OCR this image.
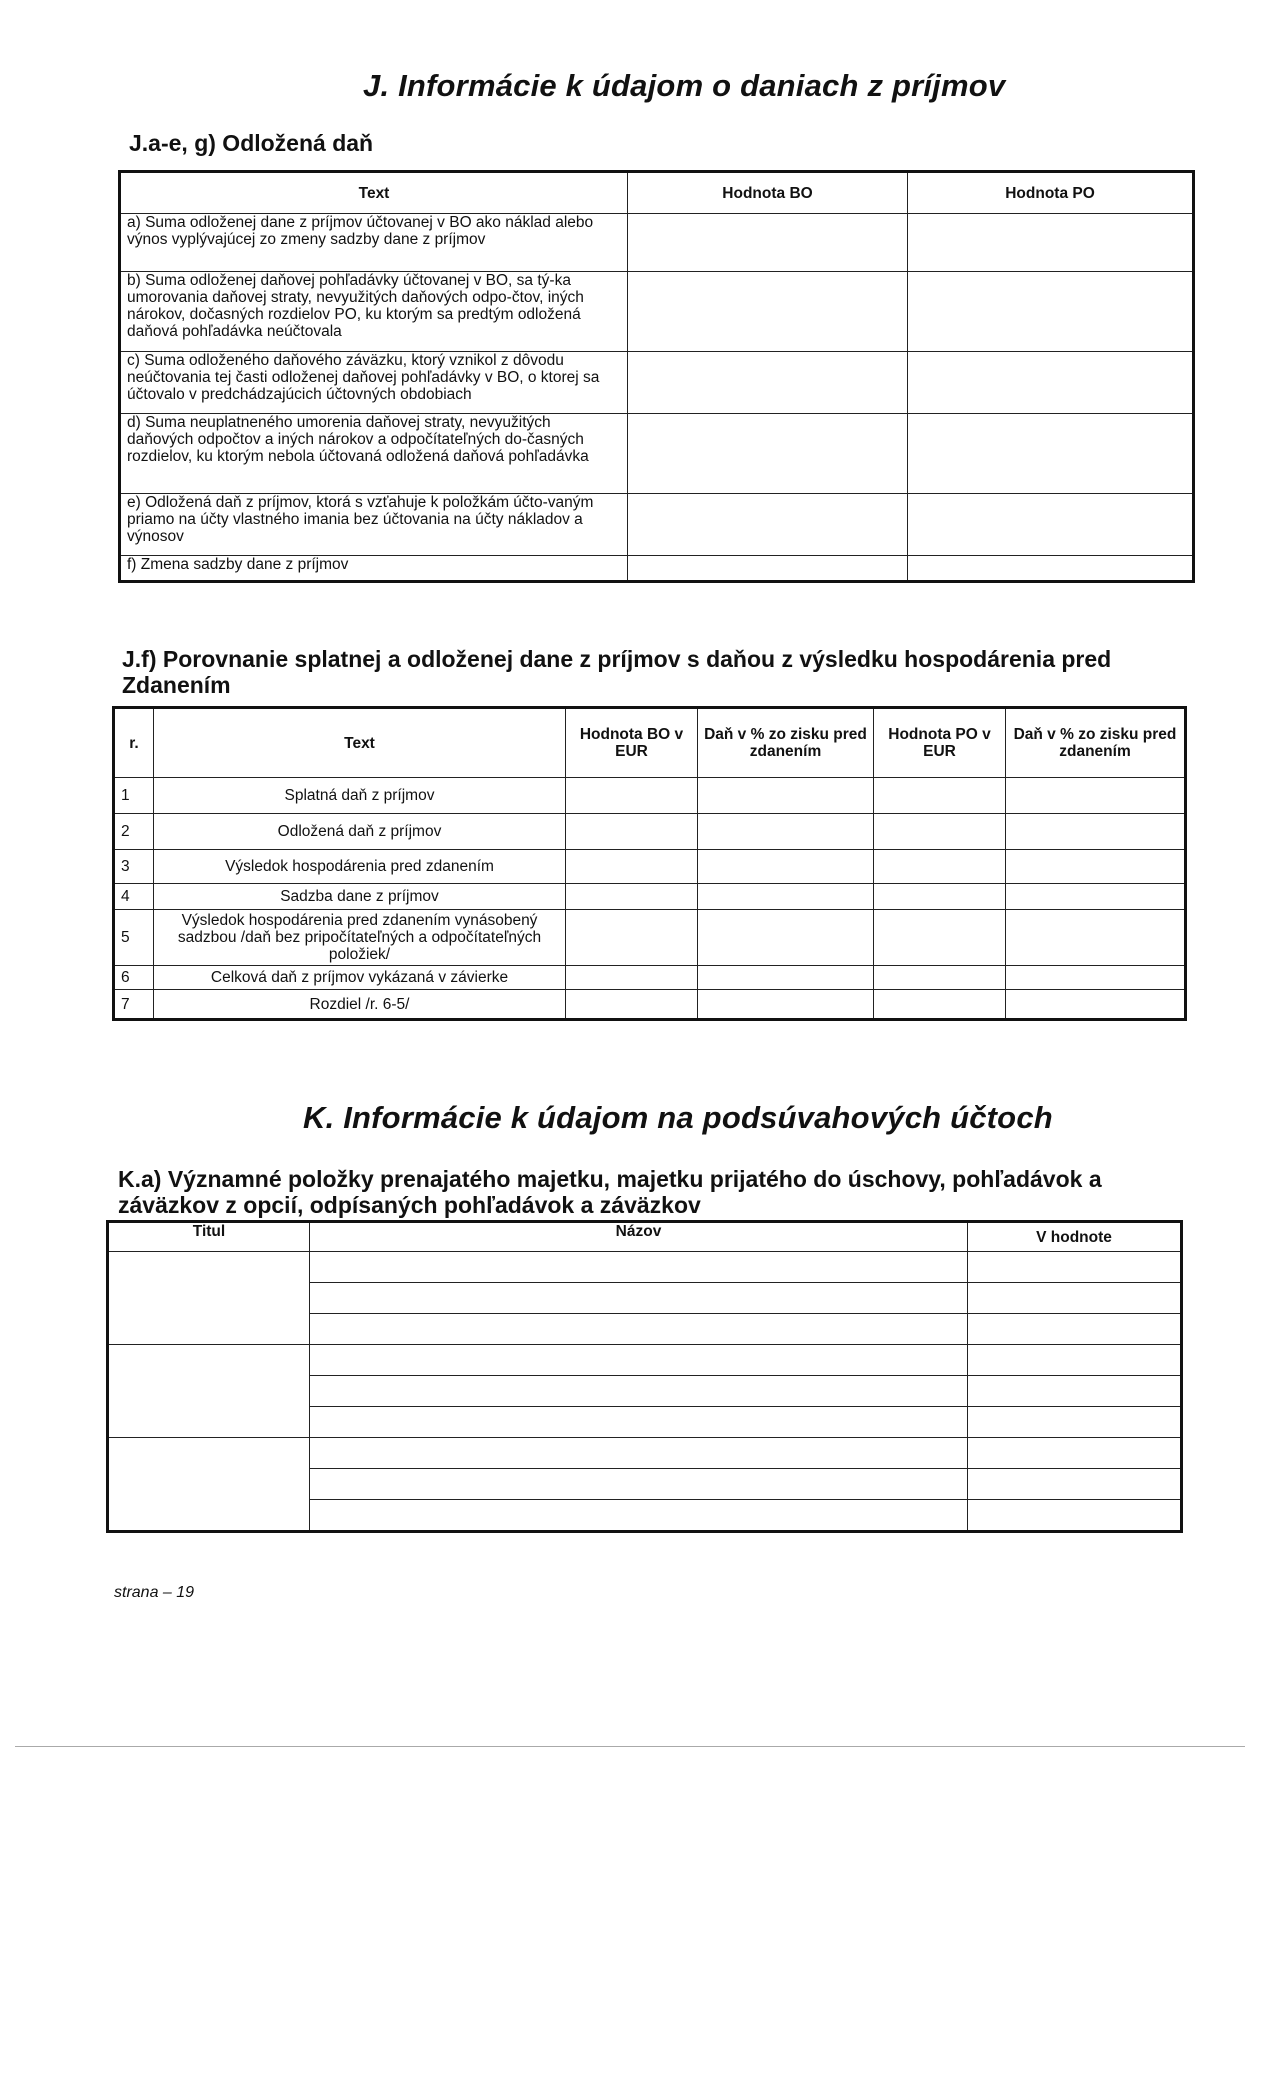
J. Informácie k údajom o daniach z príjmov
J.a-e, g) Odložená daň
Text	Hodnota BO	Hodnota PO
a) Suma odloženej dane z príjmov účtovanej v BO ako náklad alebo výnos vyplývajúcej zo zmeny sadzby dane z príjmov		
b) Suma odloženej daňovej pohľadávky účtovanej v BO, sa tý-ka umorovania daňovej straty, nevyužitých daňových odpo-čtov, iných nárokov, dočasných rozdielov PO, ku ktorým sa predtým odložená daňová pohľadávka neúčtovala		
c) Suma odloženého daňového záväzku, ktorý vznikol z dôvodu neúčtovania tej časti odloženej daňovej pohľadávky v BO, o ktorej sa účtovalo v predchádzajúcich účtovných obdobiach		
d) Suma neuplatneného umorenia daňovej straty, nevyužitých daňových odpočtov a iných nárokov a odpočítateľných do-časných rozdielov, ku ktorým nebola účtovaná odložená daňová pohľadávka		
e) Odložená daň z príjmov, ktorá s vzťahuje k položkám účto-vaným priamo na účty vlastného imania bez účtovania na účty nákladov a výnosov		
f) Zmena sadzby dane z príjmov		
J.f) Porovnanie splatnej a odloženej dane z príjmov s daňou z výsledku hospodárenia pred Zdanením
r.	Text	Hodnota BO v EUR	Daň v % zo zisku pred zdanením	Hodnota PO v EUR	Daň v % zo zisku pred zdanením
1	Splatná daň z príjmov				
2	Odložená daň z príjmov				
3	Výsledok hospodárenia pred zdanením				
4	Sadzba dane z príjmov				
5	Výsledok hospodárenia pred zdanením vynásobený sadzbou /daň bez pripočítateľných a odpočítateľných položiek/				
6	Celková daň z príjmov vykázaná v závierke				
7	Rozdiel /r. 6-5/				
K. Informácie k údajom na podsúvahových účtoch
K.a) Významné položky prenajatého majetku, majetku prijatého do úschovy, pohľadávok a záväzkov z opcií, odpísaných pohľadávok a záväzkov
Titul	Názov	V hodnote

strana – 19
